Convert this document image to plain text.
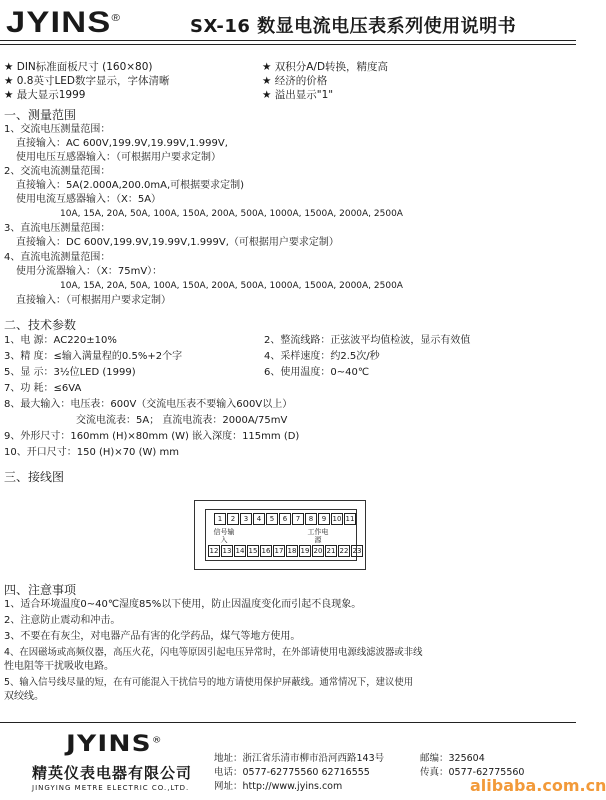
JYINS®	SX-16 数显电流电压表系列使用说明书
★ DIN标准面板尺寸 (160×80)	★ 双积分A/D转换，精度高
★ 0.8英寸LED数字显示，字体清晰	★ 经济的价格
★ 最大显示1999	★ 溢出显示"1"
一、测量范围
1、交流电压测量范围：
直接输入：AC 600V,199.9V,19.99V,1.999V,
使用电压互感器输入：（可根据用户要求定制）
2、交流电流测量范围：
直接输入：5A(2.000A,200.0mA,可根据要求定制)
使用电流互感器输入：（X：5A）
10A, 15A, 20A, 50A, 100A, 150A, 200A, 500A, 1000A, 1500A, 2000A, 2500A
3、直流电压测量范围：
直接输入：DC 600V,199.9V,19.99V,1.999V,（可根据用户要求定制）
4、直流电流测量范围：
使用分流器输入：（X：75mV）：
10A, 15A, 20A, 50A, 100A, 150A, 200A, 500A, 1000A, 1500A, 2000A, 2500A
直接输入：（可根据用户要求定制）
二、技术参数
1、电 源：AC220±10%	2、整流线路：正弦波平均值检波，显示有效值
3、精 度：≤输入满量程的0.5%+2个字	4、采样速度：约2.5次/秒
5、显 示：3½位LED (1999)	6、使用温度：0~40℃
7、功 耗：≤6VA
8、最大输入：电压表：600V（交流电压表不要输入600V以上）
交流电流表：5A； 直流电流表：2000A/75mV
9、外形尺寸：160mm (H)×80mm (W) 嵌入深度：115mm (D)
10、开口尺寸：150 (H)×70 (W) mm
三、接线图
1	2	3	4	5	6	7	8	9 10 11
信号输入
工作电源
12 13 14 15 16 17 18 19 20 21 22 23
四、注意事项
1、适合环境温度0~40℃湿度85%以下使用，防止因温度变化而引起不良现象。
2、注意防止震动和冲击。
3、不要在有灰尘，对电器产品有害的化学药品，煤气等地方使用。
4、在因磁场或高频仪器，高压火花，闪电等原因引起电压异常时，在外部请使用电源线滤波器或非线
性电阻等干扰吸收电路。
5、输入信号线尽量的短，在有可能混入干扰信号的地方请使用保护屏蔽线。通常情况下，建议使用
双绞线。
JYINS®
精英仪表电器有限公司
JINGYING METRE ELECTRIC CO.,LTD.
地址：浙江省乐清市柳市沿河西路143号
电话：0577-62775560 62716555
网址：http://www.jyins.com
邮编：325604
传真：0577-62775560
alibaba.com.cn
